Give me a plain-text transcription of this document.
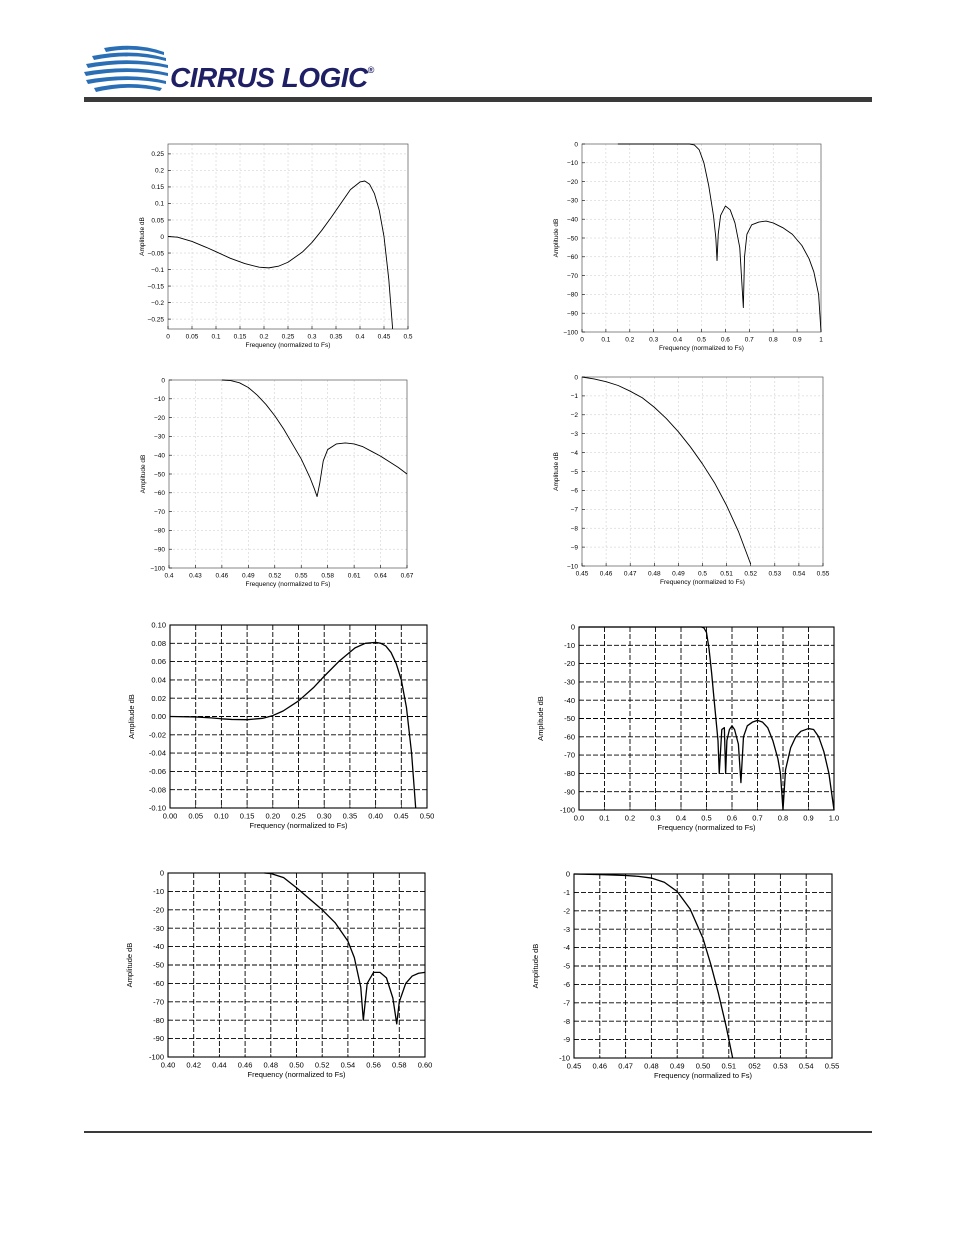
CIRRUS LOGIC®
0 0.05 0.1 0.15 0.2 0.25 0.3 0.35 0.4 0.45 0.5
−0.25
−0.2
−0.15
−0.1
−0.05
0
0.05
0.1
0.15
0.2
0.25
Frequency (normalized to Fs)
Amplitude dB
0	0.1 0.2 0.3 0.4 0.5 0.6 0.7 0.8 0.9	1
−100
−90
−80
−70
−60
−50
−40
−30
−20
−10
0
Frequency (normalized to Fs)
Amplitude dB
0.4 0.43 0.46 0.49 0.52 0.55 0.58 0.61 0.64 0.67
−100
−90
−80
−70
−60
−50
−40
−30
−20
−10
0
Frequency (normalized to Fs)
Amplitude dB
0.45 0.46 0.47 0.48 0.49 0.5 0.51 0.52 0.53 0.54 0.55
−10
−9
−8
−7
−6
−5
−4
−3
−2
−1
0
Frequency (normalized to Fs)
Amplitude dB
0.00 0.05 0.10 0.15 0.20 0.25 0.30 0.35 0.40 0.45 0.50
-0.10
-0.08
-0.06
-0.04
-0.02
0.00
0.02
0.04
0.06
0.08
0.10
Frequency (normalized to Fs)
Amplitude dB
0.0 0.1 0.2 0.3 0.4 0.5 0.6 0.7 0.8 0.9 1.0
-100
-90
-80
-70
-60
-50
-40
-30
-20
-10
0
Frequency (normalized to Fs)
Amplitude dB
0.40 0.42 0.44 0.46 0.48 0.50 0.52 0.54 0.56 0.58 0.60
-100
-90
-80
-70
-60
-50
-40
-30
-20
-10
0
Frequency (normalized to Fs)
Amplitude dB
0.45 0.46 0.47 0.48 0.49 0.50 0.51 052 0.53 0.54 0.55
-10
-9
-8
-7
-6
-5
-4
-3
-2
-1
0
Frequency (normalized to Fs)
Amplitude dB
